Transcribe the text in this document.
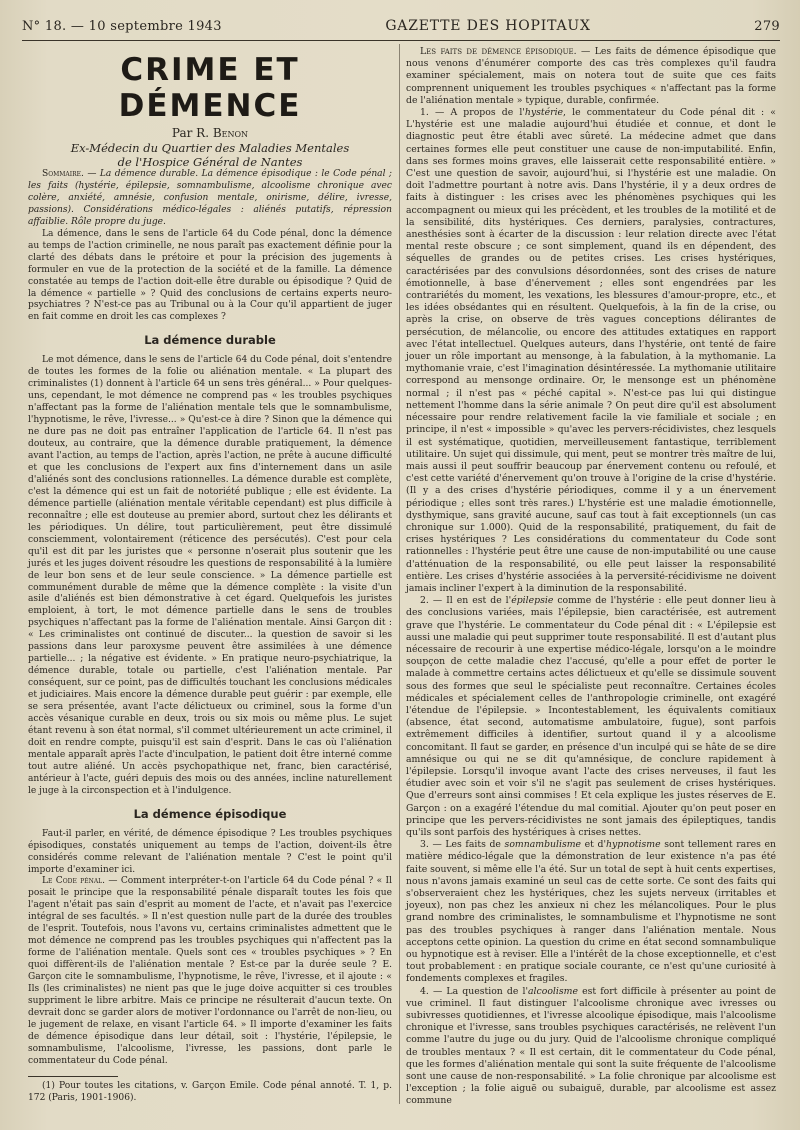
N° 18. — 10 septembre 1943	GAZETTE DES HOPITAUX	279
CRIME ET DÉMENCE
Par R. Benon
Ex-Médecin du Quartier des Maladies Mentales
de l'Hospice Général de Nantes

Sommaire. — La démence durable. La démence épisodique : le Code pénal ; les faits (hystérie, épilepsie, somnambulisme, alcoolisme chronique avec colère, anxiété, amnésie, confusion mentale, onirisme, délire, ivresse, passions). Considérations médico-légales : aliénés putatifs, répression affaiblie. Rôle propre du juge.

La démence, dans le sens de l'article 64 du Code pénal, donc la démence au temps de l'action criminelle, ne nous paraît pas exactement définie pour la clarté des débats dans le prétoire et pour la précision des jugements à formuler en vue de la protection de la société et de la famille. La démence constatée au temps de l'action doit-elle être durable ou épisodique ? Quid de la démence « partielle » ? Quid des conclusions de certains experts neuro-psychiatres ? N'est-ce pas au Tribunal ou à la Cour qu'il appartient de juger en fait comme en droit les cas complexes ?

La démence durable

Le mot démence, dans le sens de l'article 64 du Code pénal, doit s'entendre de toutes les formes de la folie ou aliénation mentale. « La plupart des criminalistes (1) donnent à l'article 64 un sens très général... » Pour quelques-uns, cependant, le mot démence ne comprend pas « les troubles psychiques n'affectant pas la forme de l'aliénation mentale tels que le somnambulisme, l'hypnotisme, le rêve, l'ivresse... » Qu'est-ce à dire ? Sinon que la démence qui ne dure pas ne doit pas entraîner l'application de l'article 64. Il n'est pas douteux, au contraire, que la démence durable pratiquement, la démence avant l'action, au temps de l'action, après l'action, ne prête à aucune difficulté et que les conclusions de l'expert aux fins d'internement dans un asile d'aliénés sont des conclusions rationnelles. La démence durable est complète, c'est la démence qui est un fait de notoriété publique ; elle est évidente. La démence partielle (aliénation mentale véritable cependant) est plus difficile à reconnaître ; elle est douteuse au premier abord, surtout chez les délirants et les périodiques. Un délire, tout particulièrement, peut être dissimulé consciemment, volontairement (réticence des persécutés). C'est pour cela qu'il est dit par les juristes que « personne n'oserait plus soutenir que les jurés et les juges doivent résoudre les questions de responsabilité à la lumière de leur bon sens et de leur seule conscience. » La démence partielle est communément durable de même que la démence complète : la visite d'un asile d'aliénés est bien démonstrative à cet égard. Quelquefois les juristes emploient, à tort, le mot démence partielle dans le sens de troubles psychiques n'affectant pas la forme de l'aliénation mentale. Ainsi Garçon dit : « Les criminalistes ont continué de discuter... la question de savoir si les passions dans leur paroxysme peuvent être assimilées à une démence partielle... ; la négative est évidente. » En pratique neuro-psychiatrique, la démence durable, totale ou partielle, c'est l'aliénation mentale. Par conséquent, sur ce point, pas de difficultés touchant les conclusions médicales et judiciaires. Mais encore la démence durable peut guérir : par exemple, elle se sera présentée, avant l'acte délictueux ou criminel, sous la forme d'un accès vésanique curable en deux, trois ou six mois ou même plus. Le sujet étant revenu à son état normal, s'il commet ultérieurement un acte criminel, il doit en rendre compte, puisqu'il est sain d'esprit. Dans le cas où l'aliénation mentale apparaît après l'acte d'inculpation, le patient doit être interné comme tout autre aliéné. Un accès psychopathique net, franc, bien caractérisé, antérieur à l'acte, guéri depuis des mois ou des années, incline naturellement le juge à la circonspection et à l'indulgence.

La démence épisodique

Faut-il parler, en vérité, de démence épisodique ? Les troubles psychiques épisodiques, constatés uniquement au temps de l'action, doivent-ils être considérés comme relevant de l'aliénation mentale ? C'est le point qu'il importe d'examiner ici.

Le Code pénal. — Comment interpréter-t-on l'article 64 du Code pénal ? « Il posait le principe que la responsabilité pénale disparaît toutes les fois que l'agent n'était pas sain d'esprit au moment de l'acte, et n'avait pas l'exercice intégral de ses facultés. » Il n'est question nulle part de la durée des troubles de l'esprit. Toutefois, nous l'avons vu, certains criminalistes admettent que le mot démence ne comprend pas les troubles psychiques qui n'affectent pas la forme de l'aliénation mentale. Quels sont ces « troubles psychiques » ? En quoi diffèrent-ils de l'aliénation mentale ? Est-ce par la durée seule ? E. Garçon cite le somnambulisme, l'hypnotisme, le rêve, l'ivresse, et il ajoute : « Ils (les criminalistes) ne nient pas que le juge doive acquitter si ces troubles suppriment le libre arbitre. Mais ce principe ne résulterait d'aucun texte. On devrait donc se garder alors de motiver l'ordonnance ou l'arrêt de non-lieu, ou le jugement de relaxe, en visant l'article 64. » Il importe d'examiner les faits de démence épisodique dans leur détail, soit : l'hystérie, l'épilepsie, le somnambulisme, l'alcoolisme, l'ivresse, les passions, dont parle le commentateur du Code pénal.

(1) Pour toutes les citations, v. Garçon Emile. Code pénal annoté. T. 1, p. 172 (Paris, 1901-1906).

Les faits de démence épisodique. — Les faits de démence épisodique que nous venons d'énumérer comporte des cas très complexes qu'il faudra examiner spécialement, mais on notera tout de suite que ces faits comprennent uniquement les troubles psychiques « n'affectant pas la forme de l'aliénation mentale » typique, durable, confirmée.

1. — A propos de l'hystérie, le commentateur du Code pénal dit : « L'hystérie est une maladie aujourd'hui étudiée et connue, et dont le diagnostic peut être établi avec sûreté. La médecine admet que dans certaines formes elle peut constituer une cause de non-imputabilité. Enfin, dans ses formes moins graves, elle laisserait cette responsabilité entière. » C'est une question de savoir, aujourd'hui, si l'hystérie est une maladie. On doit l'admettre pourtant à notre avis. Dans l'hystérie, il y a deux ordres de faits à distinguer : les crises avec les phénomènes psychiques qui les accompagnent ou mieux qui les précèdent, et les troubles de la motilité et de la sensibilité, dits hystériques. Ces derniers, paralysies, contractures, anesthésies sont à écarter de la discussion : leur relation directe avec l'état mental reste obscure ; ce sont simplement, quand ils en dépendent, des séquelles de grandes ou de petites crises. Les crises hystériques, caractérisées par des convulsions désordonnées, sont des crises de nature émotionnelle, à base d'énervement ; elles sont engendrées par les contrariétés du moment, les vexations, les blessures d'amour-propre, etc., et les idées obsédantes qui en résultent. Quelquefois, à la fin de la crise, ou après la crise, on observe de très vagues conceptions délirantes de persécution, de mélancolie, ou encore des attitudes extatiques en rapport avec l'état intellectuel. Quelques auteurs, dans l'hystérie, ont tenté de faire jouer un rôle important au mensonge, à la fabulation, à la mythomanie. La mythomanie vraie, c'est l'imagination désintéressée. La mythomanie utilitaire correspond au mensonge ordinaire. Or, le mensonge est un phénomène normal ; il n'est pas « péché capital ». N'est-ce pas lui qui distingue nettement l'homme dans la série animale ? On peut dire qu'il est absolument nécessaire pour rendre relativement facile la vie familiale et sociale ; en principe, il n'est « impossible » qu'avec les pervers-récidivistes, chez lesquels il est systématique, quotidien, merveilleusement fantastique, terriblement utilitaire. Un sujet qui dissimule, qui ment, peut se montrer très maître de lui, mais aussi il peut souffrir beaucoup par énervement contenu ou refoulé, et c'est cette variété d'énervement qu'on trouve à l'origine de la crise d'hystérie. (Il y a des crises d'hystérie périodiques, comme il y a un énervement périodique ; elles sont très rares.) L'hystérie est une maladie émotionnelle, dysthymique, sans gravité aucune, sauf cas tout à fait exceptionnels (un cas chronique sur 1.000). Quid de la responsabilité, pratiquement, du fait de crises hystériques ? Les considérations du commentateur du Code sont rationnelles : l'hystérie peut être une cause de non-imputabilité ou une cause d'atténuation de la responsabilité, ou elle peut laisser la responsabilité entière. Les crises d'hystérie associées à la perversité-récidivisme ne doivent jamais incliner l'expert à la diminution de la responsabilité.

2. — Il en est de l'épilepsie comme de l'hystérie : elle peut donner lieu à des conclusions variées, mais l'épilepsie, bien caractérisée, est autrement grave que l'hystérie. Le commentateur du Code pénal dit : « L'épilepsie est aussi une maladie qui peut supprimer toute responsabilité. Il est d'autant plus nécessaire de recourir à une expertise médico-légale, lorsqu'on a le moindre soupçon de cette maladie chez l'accusé, qu'elle a pour effet de porter le malade à commettre certains actes délictueux et qu'elle se dissimule souvent sous des formes que seul le spécialiste peut reconnaître. Certaines écoles médicales et spécialement celles de l'anthropologie criminelle, ont exagéré l'étendue de l'épilepsie. » Incontestablement, les équivalents comitiaux (absence, état second, automatisme ambulatoire, fugue), sont parfois extrêmement difficiles à identifier, surtout quand il y a alcoolisme concomitant. Il faut se garder, en présence d'un inculpé qui se hâte de se dire amnésique ou qui ne se dit qu'amnésique, de conclure rapidement à l'épilepsie. Lorsqu'il invoque avant l'acte des crises nerveuses, il faut les étudier avec soin et voir s'il ne s'agit pas seulement de crises hystériques. Que d'erreurs sont ainsi commises ! Et cela explique les justes réserves de E. Garçon : on a exagéré l'étendue du mal comitial. Ajouter qu'on peut poser en principe que les pervers-récidivistes ne sont jamais des épileptiques, tandis qu'ils sont parfois des hystériques à crises nettes.

3. — Les faits de somnambulisme et d'hypnotisme sont tellement rares en matière médico-légale que la démonstration de leur existence n'a pas été faite souvent, si même elle l'a été. Sur un total de sept à huit cents expertises, nous n'avons jamais examiné un seul cas de cette sorte. Ce sont des faits qui s'observeraient chez les hystériques, chez les sujets nerveux (irritables et joyeux), non pas chez les anxieux ni chez les mélancoliques. Pour le plus grand nombre des criminalistes, le somnambulisme et l'hypnotisme ne sont pas des troubles psychiques à ranger dans l'aliénation mentale. Nous acceptons cette opinion. La question du crime en état second somnambulique ou hypnotique est à reviser. Elle a l'intérêt de la chose exceptionnelle, et c'est tout probablement : en pratique sociale courante, ce n'est qu'une curiosité à fondements complexes et fragiles.

4. — La question de l'alcoolisme est fort difficile à présenter au point de vue criminel. Il faut distinguer l'alcoolisme chronique avec ivresses ou subivresses quotidiennes, et l'ivresse alcoolique épisodique, mais l'alcoolisme chronique et l'ivresse, sans troubles psychiques caractérisés, ne relèvent l'un comme l'autre du juge ou du jury. Quid de l'alcoolisme chronique compliqué de troubles mentaux ? « Il est certain, dit le commentateur du Code pénal, que les formes d'aliénation mentale qui sont la suite fréquente de l'alcoolisme sont une cause de non-responsabilité. » La folie chronique par alcoolisme est l'exception ; la folie aiguë ou subaiguë, durable, par alcoolisme est assez commune
